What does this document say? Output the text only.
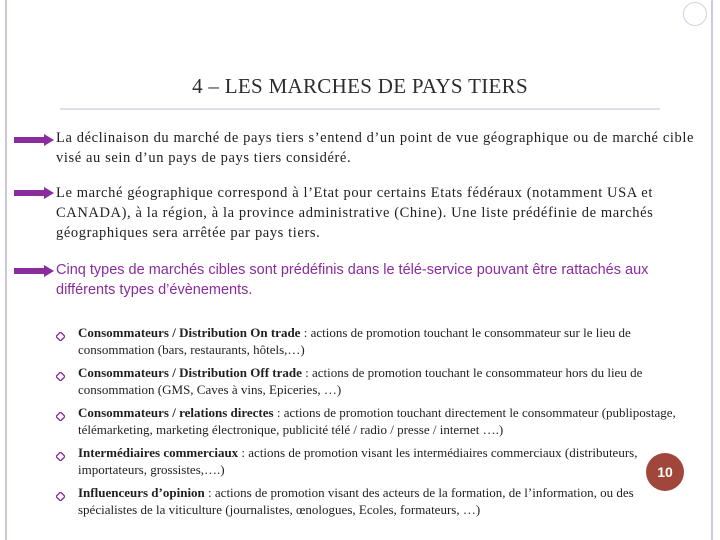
4 – LES MARCHES DE PAYS TIERS
La déclinaison du marché de pays tiers s’entend d’un point de vue géographique ou de marché cible visé au sein d’un pays de pays tiers considéré.
Le marché géographique correspond à l’Etat pour certains Etats fédéraux (notamment USA et CANADA), à la région, à la province administrative (Chine). Une liste prédéfinie de marchés géographiques sera arrêtée par pays tiers.
Cinq types de marchés cibles sont prédéfinis dans le télé-service pouvant être rattachés aux différents types d’évènements.
Consommateurs / Distribution On trade : actions de promotion touchant le consommateur sur le lieu de consommation (bars, restaurants, hôtels,…)
Consommateurs / Distribution Off trade : actions de promotion touchant le consommateur hors du lieu de consommation (GMS, Caves à vins, Epiceries, …)
Consommateurs / relations directes : actions de promotion touchant directement le consommateur (publipostage, télémarketing, marketing électronique, publicité télé / radio / presse / internet ….)
Intermédiaires commerciaux : actions de promotion visant les intermédiaires commerciaux (distributeurs, importateurs, grossistes,….)
Influenceurs d’opinion : actions de promotion visant des acteurs de la formation, de l’information, ou des spécialistes de la viticulture (journalistes, œnologues, Ecoles, formateurs, …)
10
